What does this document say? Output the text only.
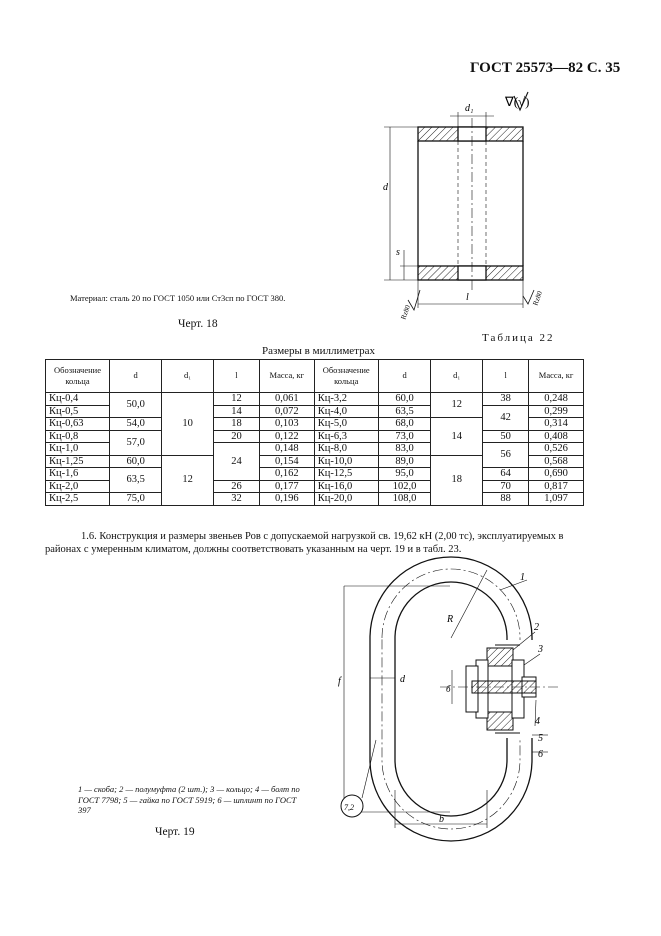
ГОСТ 25573—82 С. 35
d₁
d
s
l
∇(√)
Rz80
Rz80
1
2
3
4
5
6
R
f	d
б
b
7,2
Материал: сталь 20 по ГОСТ 1050 или Ст3сп по ГОСТ 380.
Черт. 18
Таблица 22
Размеры в миллиметрах
Обозначение кольца	d	d₁	l	Масса, кг	Обозначение кольца	d	d₁	l	Масса, кг
Кц-0,4	50,0	10	12	0,061	Кц-3,2	60,0	12	38	0,248
Кц-0,5			14	0,072	Кц-4,0	63,5		42	0,299
Кц-0,63	54,0		18	0,103	Кц-5,0	68,0	14		0,314
Кц-0,8	57,0		20	0,122	Кц-6,3	73,0		50	0,408
Кц-1,0			24	0,148	Кц-8,0	83,0		56	0,526
Кц-1,25	60,0	12		0,154	Кц-10,0	89,0	18		0,568
Кц-1,6	63,5			0,162	Кц-12,5	95,0		64	0,690
Кц-2,0			26	0,177	Кц-16,0	102,0		70	0,817
Кц-2,5	75,0		32	0,196	Кц-20,0	108,0		88	1,097
1.6. Конструкция и размеры звеньев Ров с допускаемой нагрузкой св. 19,62 кН (2,00 тс), эксплуатируемых в районах с умеренным климатом, должны соответствовать указанным на черт. 19 и в табл. 23.
1 — скоба; 2 — полумуфта (2 шт.); 3 — кольцо; 4 — болт по ГОСТ 7798; 5 — гайка по ГОСТ 5919; 6 — шплинт по ГОСТ 397
Черт. 19
